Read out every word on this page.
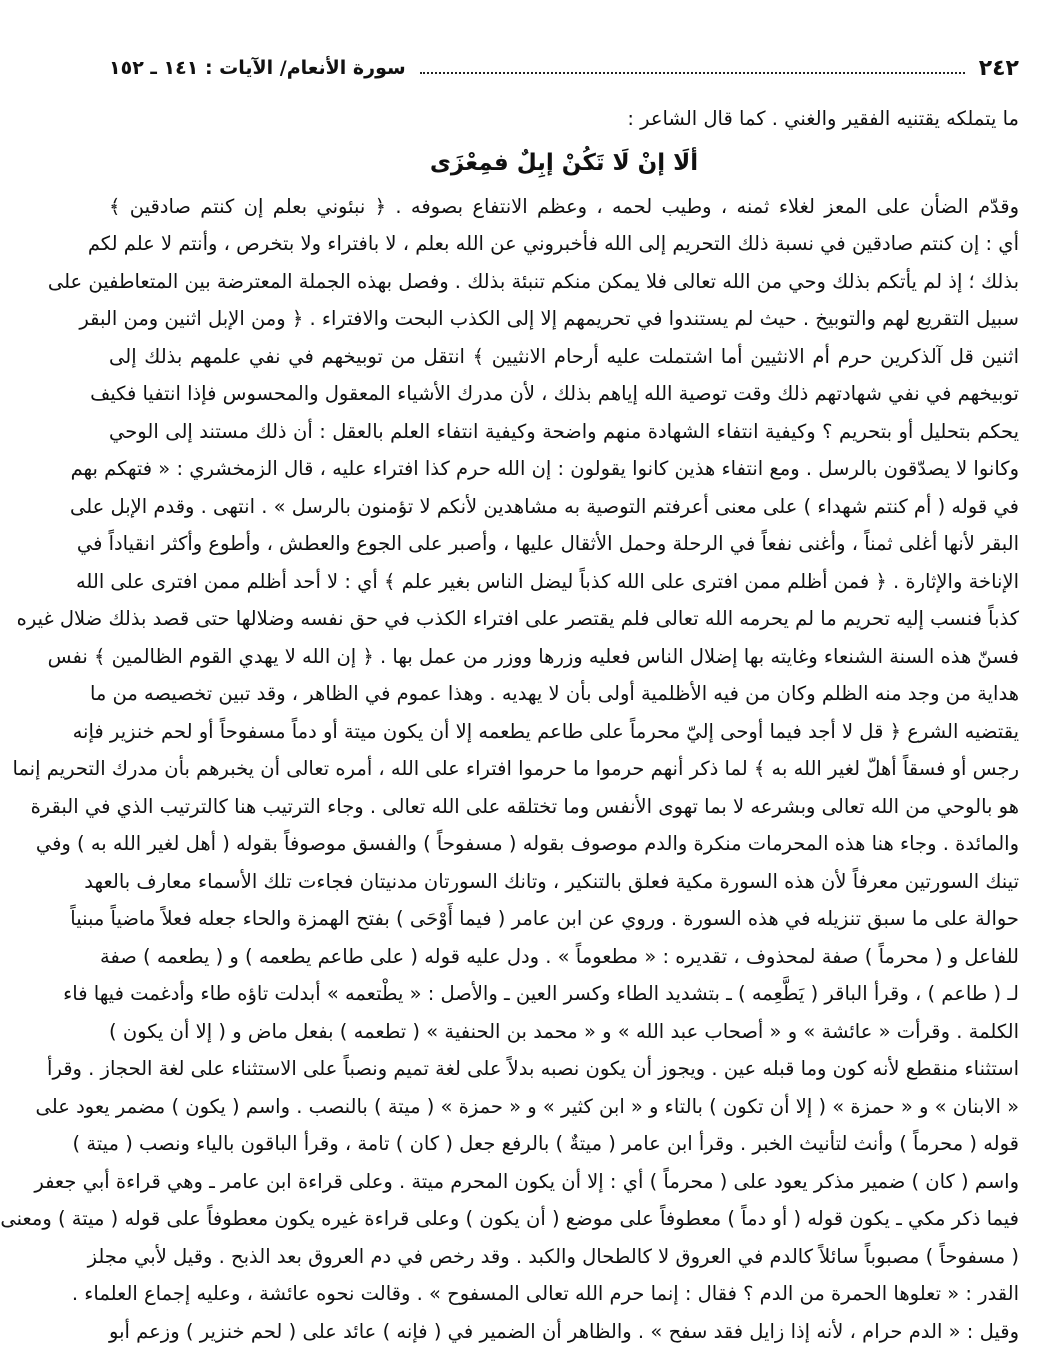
٢٤٢
سورة الأنعام/ الآيات : ١٤١ ـ ١٥٢
ما يتملكه يقتنيه الفقير والغني . كما قال الشاعر :
ألَا إنْ لَا تَكُنْ إبِلٌ فمِعْزَى
وقدّم الضأن على المعز لغلاء ثمنه ، وطيب لحمه ، وعظم الانتفاع بصوفه . ﴿ نبئوني بعلم إن كنتم صادقين ﴾
أي : إن كنتم صادقين في نسبة ذلك التحريم إلى الله فأخبروني عن الله بعلم ، لا بافتراء ولا بتخرص ، وأنتم لا علم لكم
بذلك ؛ إذ لم يأتكم بذلك وحي من الله تعالى فلا يمكن منكم تنبئة بذلك . وفصل بهذه الجملة المعترضة بين المتعاطفين على
سبيل التقريع لهم والتوبيخ . حيث لم يستندوا في تحريمهم إلا إلى الكذب البحت والافتراء . ﴿ ومن الإبل اثنين ومن البقر
اثنين قل آلذكرين حرم أم الانثيين أما اشتملت عليه أرحام الانثيين ﴾ انتقل من توبيخهم في نفي علمهم بذلك إلى
توبيخهم في نفي شهادتهم ذلك وقت توصية الله إياهم بذلك ، لأن مدرك الأشياء المعقول والمحسوس فإذا انتفيا فكيف
يحكم بتحليل أو بتحريم ؟ وكيفية انتفاء الشهادة منهم واضحة وكيفية انتفاء العلم بالعقل : أن ذلك مستند إلى الوحي
وكانوا لا يصدّقون بالرسل . ومع انتفاء هذين كانوا يقولون : إن الله حرم كذا افتراء عليه ، قال الزمخشري : « فتهكم بهم
في قوله ( أم كنتم شهداء ) على معنى أعرفتم التوصية به مشاهدين لأنكم لا تؤمنون بالرسل » . انتهى . وقدم الإبل على
البقر لأنها أغلى ثمناً ، وأغنى نفعاً في الرحلة وحمل الأثقال عليها ، وأصبر على الجوع والعطش ، وأطوع وأكثر انقياداً في
الإناخة والإثارة . ﴿ فمن أظلم ممن افترى على الله كذباً ليضل الناس بغير علم ﴾ أي : لا أحد أظلم ممن افترى على الله
كذباً فنسب إليه تحريم ما لم يحرمه الله تعالى فلم يقتصر على افتراء الكذب في حق نفسه وضلالها حتى قصد بذلك ضلال غيره
فسنّ هذه السنة الشنعاء وغايته بها إضلال الناس فعليه وزرها ووزر من عمل بها . ﴿ إن الله لا يهدي القوم الظالمين ﴾ نفس
هداية من وجد منه الظلم وكان من فيه الأظلمية أولى بأن لا يهديه . وهذا عموم في الظاهر ، وقد تبين تخصيصه من ما
يقتضيه الشرع ﴿ قل لا أجد فيما أوحى إليّ محرماً على طاعم يطعمه إلا أن يكون ميتة أو دماً مسفوحاً أو لحم خنزير فإنه
رجس أو فسقاً أهلّ لغير الله به ﴾ لما ذكر أنهم حرموا ما حرموا افتراء على الله ، أمره تعالى أن يخبرهم بأن مدرك التحريم إنما
هو بالوحي من الله تعالى وبشرعه لا بما تهوى الأنفس وما تختلقه على الله تعالى . وجاء الترتيب هنا كالترتيب الذي في البقرة
والمائدة . وجاء هنا هذه المحرمات منكرة والدم موصوف بقوله ( مسفوحاً ) والفسق موصوفاً بقوله ( أهل لغير الله به ) وفي
تينك السورتين معرفاً لأن هذه السورة مكية فعلق بالتنكير ، وتانك السورتان مدنيتان فجاءت تلك الأسماء معارف بالعهد
حوالة على ما سبق تنزيله في هذه السورة . وروي عن ابن عامر ( فيما أَوْحَى ) بفتح الهمزة والحاء جعله فعلاً ماضياً مبنياً
للفاعل و ( محرماً ) صفة لمحذوف ، تقديره : « مطعوماً » . ودل عليه قوله ( على طاعم يطعمه ) و ( يطعمه ) صفة
لـ ( طاعم ) ، وقرأ الباقر ( يَطَّعِمه ) ـ بتشديد الطاء وكسر العين ـ والأصل : « يطْتعمه » أبدلت تاؤه طاء وأدغمت فيها فاء
الكلمة . وقرأت « عائشة » و « أصحاب عبد الله » و « محمد بن الحنفية » ( تطعمه ) بفعل ماض و ( إلا أن يكون )
استثناء منقطع لأنه كون وما قبله عين . ويجوز أن يكون نصبه بدلاً على لغة تميم ونصباً على الاستثناء على لغة الحجاز . وقرأ
« الابنان » و « حمزة » ( إلا أن تكون ) بالتاء و « ابن كثير » و « حمزة » ( ميتة ) بالنصب . واسم ( يكون ) مضمر يعود على
قوله ( محرماً ) وأنث لتأنيث الخبر . وقرأ ابن عامر ( ميتةٌ ) بالرفع جعل ( كان ) تامة ، وقرأ الباقون بالياء ونصب ( ميتة )
واسم ( كان ) ضمير مذكر يعود على ( محرماً ) أي : إلا أن يكون المحرم ميتة . وعلى قراءة ابن عامر ـ وهي قراءة أبي جعفر
فيما ذكر مكي ـ يكون قوله ( أو دماً ) معطوفاً على موضع ( أن يكون ) وعلى قراءة غيره يكون معطوفاً على قوله ( ميتة ) ومعنى
( مسفوحاً ) مصبوباً سائلاً كالدم في العروق لا كالطحال والكبد . وقد رخص في دم العروق بعد الذبح . وقيل لأبي مجلز
القدر : « تعلوها الحمرة من الدم ؟ فقال : إنما حرم الله تعالى المسفوح » . وقالت نحوه عائشة ، وعليه إجماع العلماء .
وقيل : « الدم حرام ، لأنه إذا زايل فقد سفح » . والظاهر أن الضمير في ( فإنه ) عائد على ( لحم خنزير ) وزعم أبو
